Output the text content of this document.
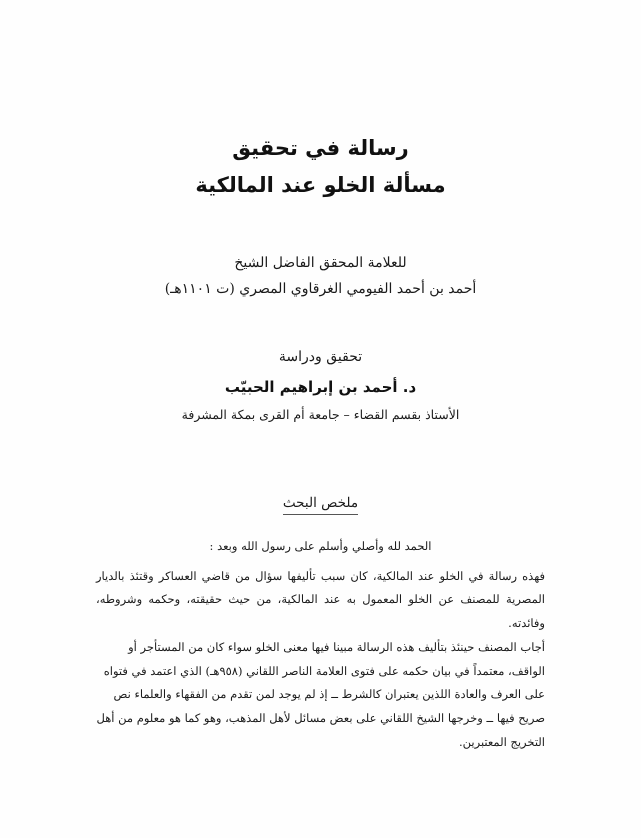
رسالة في تحقيق
مسألة الخلو عند المالكية
للعلامة المحقق الفاضل الشيخ
أحمد بن أحمد الفيومي الغرقاوي المصري (ت ١١٠١هـ)
تحقيق ودراسة
د. أحمد بن إبراهيم الحبيّب
الأستاذ بقسم القضاء – جامعة أم القرى بمكة المشرفة
ملخص البحث

الحمد لله وأصلي وأسلم على رسول الله وبعد :

فهذه رسالة في الخلو عند المالكية، كان سبب تأليفها سؤال من قاضي العساكر وقتئذ بالديار المصرية للمصنف عن الخلو المعمول به عند المالكية، من حيث حقيقته، وحكمه وشروطه، وفائدته.

أجاب المصنف حينئذ بتأليف هذه الرسالة مبينا فيها معنى الخلو سواء كان من المستأجر أو الواقف، معتمداً في بيان حكمه على فتوى العلامة الناصر اللقاني (٩٥٨هـ) الذي اعتمد في فتواه على العرف والعادة اللذين يعتبران كالشرط ــ إذ لم يوجد لمن تقدم من الفقهاء والعلماء نص صريح فيها ــ وخرجها الشيخ اللقاني على بعض مسائل لأهل المذهب، وهو كما هو معلوم من أهل التخريج المعتبرين.
